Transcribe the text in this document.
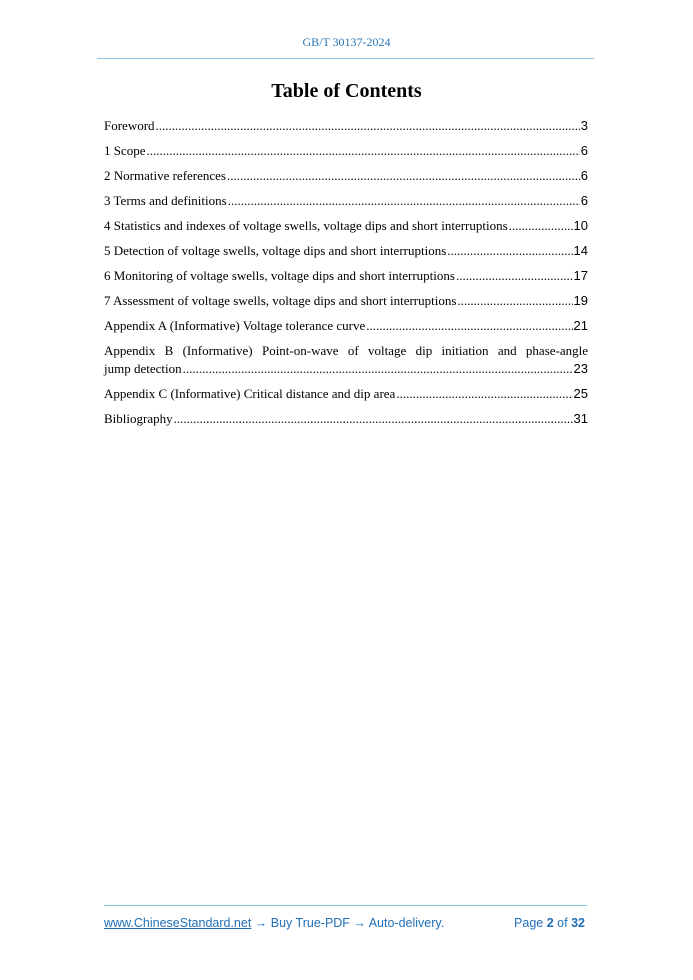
GB/T 30137-2024
Table of Contents
Foreword .....	3
1 Scope .....	6
2 Normative references .....	6
3 Terms and definitions .....	6
4 Statistics and indexes of voltage swells, voltage dips and short interruptions .....	10
5 Detection of voltage swells, voltage dips and short interruptions .....	14
6 Monitoring of voltage swells, voltage dips and short interruptions .....	17
7 Assessment of voltage swells, voltage dips and short interruptions .....	19
Appendix A (Informative) Voltage tolerance curve .....	21
Appendix B (Informative) Point-on-wave of voltage dip initiation and phase-angle
jump detection .....	23
Appendix C (Informative) Critical distance and dip area .....	25
Bibliography .....	31
www.ChineseStandard.net → Buy True-PDF → Auto-delivery.	Page 2 of 32
